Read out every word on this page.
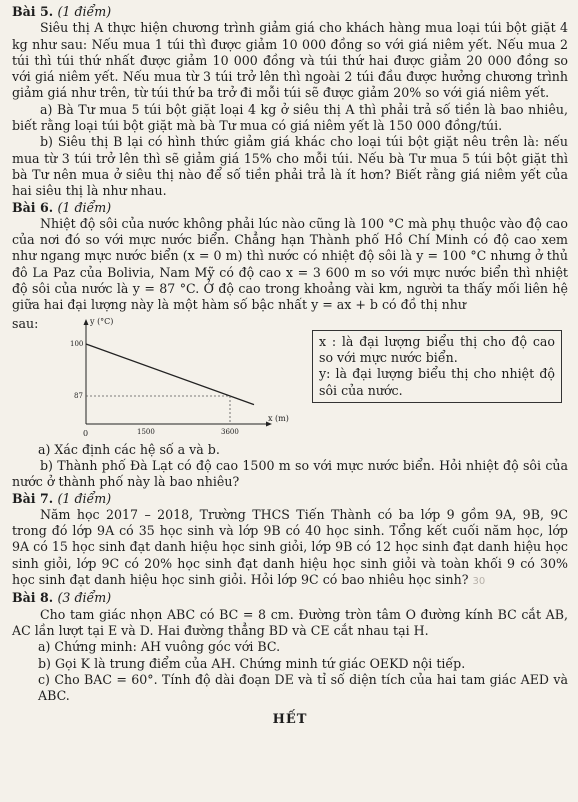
Bài 5. (1 điểm)

Siêu thị A thực hiện chương trình giảm giá cho khách hàng mua loại túi bột giặt 4 kg như sau: Nếu mua 1 túi thì được giảm 10 000 đồng so với giá niêm yết. Nếu mua 2 túi thì túi thứ nhất được giảm 10 000 đồng và túi thứ hai được giảm 20 000 đồng so với giá niêm yết. Nếu mua từ 3 túi trở lên thì ngoài 2 túi đầu được hưởng chương trình giảm giá như trên, từ túi thứ ba trở đi mỗi túi sẽ được giảm 20% so với giá niêm yết.

a) Bà Tư mua 5 túi bột giặt loại 4 kg ở siêu thị A thì phải trả số tiền là bao nhiêu, biết rằng loại túi bột giặt mà bà Tư mua có giá niêm yết là 150 000 đồng/túi.

b) Siêu thị B lại có hình thức giảm giá khác cho loại túi bột giặt nêu trên là: nếu mua từ 3 túi trở lên thì sẽ giảm giá 15% cho mỗi túi. Nếu bà Tư mua 5 túi bột giặt thì bà Tư nên mua ở siêu thị nào để số tiền phải trả là ít hơn? Biết rằng giá niêm yết của hai siêu thị là như nhau.

Bài 6. (1 điểm)

Nhiệt độ sôi của nước không phải lúc nào cũng là 100 °C mà phụ thuộc vào độ cao của nơi đó so với mực nước biển. Chẳng hạn Thành phố Hồ Chí Minh có độ cao xem như ngang mực nước biển (x = 0 m) thì nước có nhiệt độ sôi là y = 100 °C nhưng ở thủ đô La Paz của Bolivia, Nam Mỹ có độ cao x = 3 600 m so với mực nước biển thì nhiệt độ sôi của nước là y = 87 °C. Ở độ cao trong khoảng vài km, người ta thấy mối liên hệ giữa hai đại lượng này là một hàm số bậc nhất y = ax + b có đồ thị như

sau:	y (°C)
x (m)
0
100
87
1500	3600

x : là đại lượng biểu thị cho độ cao so với mực nước biển.

y: là đại lượng biểu thị cho nhiệt độ sôi của nước.

a) Xác định các hệ số a và b.

b) Thành phố Đà Lạt có độ cao 1500 m so với mực nước biển. Hỏi nhiệt độ sôi của nước ở thành phố này là bao nhiêu?

Bài 7. (1 điểm)

Năm học 2017 – 2018, Trường THCS Tiến Thành có ba lớp 9 gồm 9A, 9B, 9C trong đó lớp 9A có 35 học sinh và lớp 9B có 40 học sinh. Tổng kết cuối năm học, lớp 9A có 15 học sinh đạt danh hiệu học sinh giỏi, lớp 9B có 12 học sinh đạt danh hiệu học sinh giỏi, lớp 9C có 20% học sinh đạt danh hiệu học sinh giỏi và toàn khối 9 có 30% học sinh đạt danh hiệu học sinh giỏi. Hỏi lớp 9C có bao nhiêu học sinh? 30

Bài 8. (3 điểm)

Cho tam giác nhọn ABC có BC = 8 cm. Đường tròn tâm O đường kính BC cắt AB, AC lần lượt tại E và D. Hai đường thẳng BD và CE cắt nhau tại H.

a) Chứng minh: AH vuông góc với BC.

b) Gọi K là trung điểm của AH. Chứng minh tứ giác OEKD nội tiếp.

c) Cho BAC = 60°. Tính độ dài đoạn DE và tỉ số diện tích của hai tam giác AED và ABC.

HẾT
